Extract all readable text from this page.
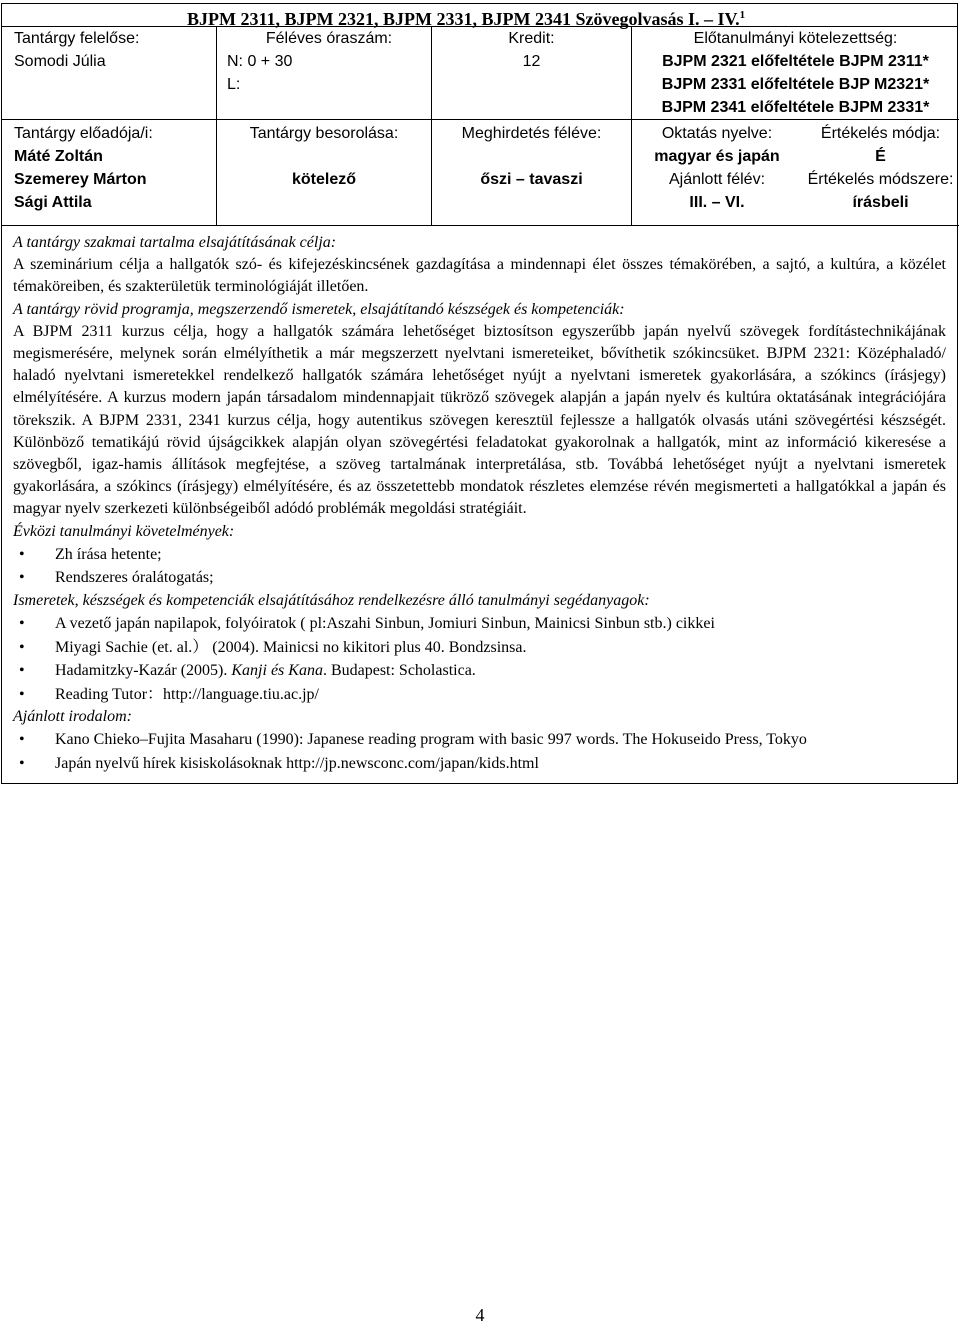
BJPM 2311, BJPM 2321, BJPM 2331, BJPM 2341 Szövegolvasás I. – IV.$^1$
Tantárgy felelőse:
Somodi Júlia
Féléves óraszám:
N: 0 + 30
L:
Kredit:
12
Előtanulmányi kötelezettség:
BJPM 2321 előfeltétele BJPM 2311*
BJPM 2331 előfeltétele BJP M2321*
BJPM 2341 előfeltétele BJPM 2331*
Tantárgy előadója/i:
Máté Zoltán
Szemerey Márton
Sági Attila
Tantárgy besorolása:
kötelező
Meghirdetés féléve:
őszi – tavaszi
Oktatás nyelve:
magyar és japán
Ajánlott félév:
III. – VI.
Értékelés módja:
É
Értékelés módszere:
írásbeli
A tantárgy szakmai tartalma elsajátításának célja:

A szeminárium célja a hallgatók szó- és kifejezéskincsének gazdagítása a mindennapi élet összes témakörében, a sajtó, a kultúra, a közélet témaköreiben, és szakterületük terminológiáját illetően.

A tantárgy rövid programja, megszerzendő ismeretek, elsajátítandó készségek és kompetenciák:

A BJPM 2311 kurzus célja, hogy a hallgatók számára lehetőséget biztosítson egyszerűbb japán nyelvű szövegek fordítástechnikájának megismerésére, melynek során elmélyíthetik a már megszerzett nyelvtani ismereteiket, bővíthetik szókincsüket. BJPM 2321: Középhaladó/ haladó nyelvtani ismeretekkel rendelkező hallgatók számára lehetőséget nyújt a nyelvtani ismeretek gyakorlására, a szókincs (írásjegy) elmélyítésére. A kurzus modern japán társadalom mindennapjait tükröző szövegek alapján a japán nyelv és kultúra oktatásának integrációjára törekszik. A BJPM 2331, 2341 kurzus célja, hogy autentikus szövegen keresztül fejlessze a hallgatók olvasás utáni szövegértési készségét. Különböző tematikájú rövid újságcikkek alapján olyan szövegértési feladatokat gyakorolnak a hallgatók, mint az információ kikeresése a szövegből, igaz-hamis állítások megfejtése, a szöveg tartalmának interpretálása, stb. Továbbá lehetőséget nyújt a nyelvtani ismeretek gyakorlására, a szókincs (írásjegy) elmélyítésére, és az összetettebb mondatok részletes elemzése révén megismerteti a hallgatókkal a japán és magyar nyelv szerkezeti különbségeiből adódó problémák megoldási stratégiáit.

Évközi tanulmányi követelmények:
• Zh írása hetente;
• Rendszeres óralátogatás;
Ismeretek, készségek és kompetenciák elsajátításához rendelkezésre álló tanulmányi segédanyagok:
• A vezető japán napilapok, folyóiratok ( pl:Aszahi Sinbun, Jomiuri Sinbun, Mainicsi Sinbun stb.) cikkei
• Miyagi Sachie (et. al.） (2004). Mainicsi no kikitori plus 40. Bondzsinsa.
• Hadamitzky-Kazár (2005). Kanji és Kana. Budapest: Scholastica.
• Reading Tutor：http://language.tiu.ac.jp/
Ajánlott irodalom:
• Kano Chieko–Fujita Masaharu (1990): Japanese reading program with basic 997 words. The Hokuseido Press, Tokyo
• Japán nyelvű hírek kisiskolásoknak http://jp.newsconc.com/japan/kids.html
4
